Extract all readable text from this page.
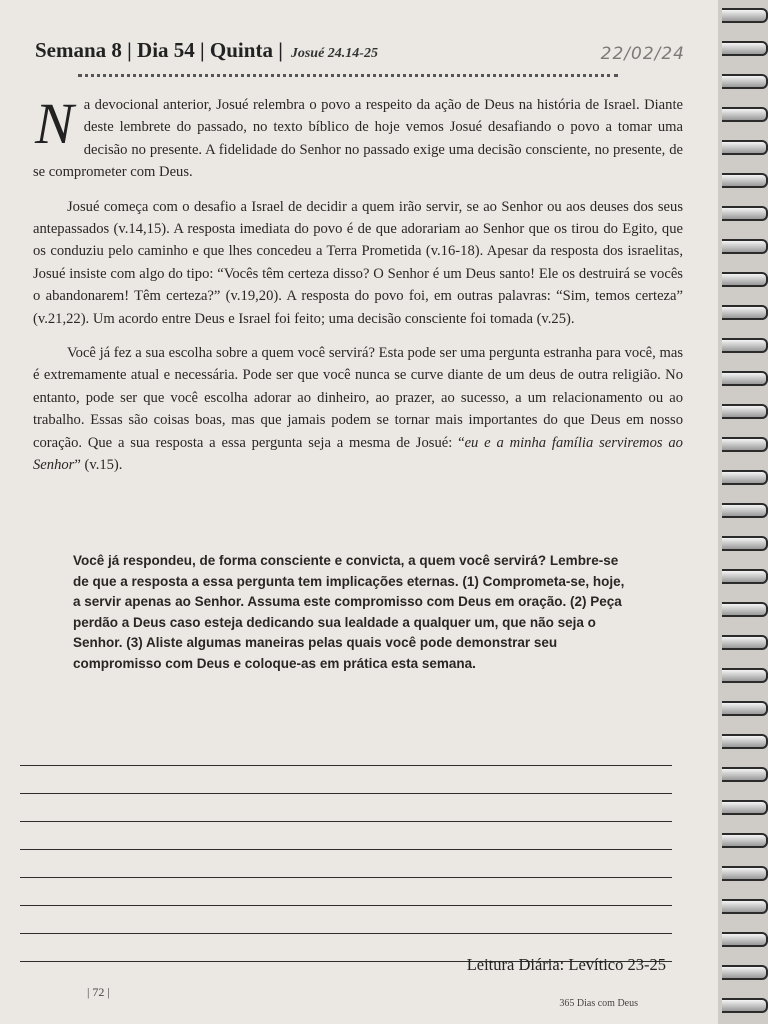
Semana 8 | Dia 54 | Quinta | Josué 24.14-25	22/02/24

N a devocional anterior, Josué relembra o povo a respeito da ação de Deus na história de Israel. Diante deste lembrete do passado, no texto bíblico de hoje vemos Josué desafiando o povo a tomar uma decisão no presente. A fidelidade do Senhor no passado exige uma decisão consciente, no presente, de se comprometer com Deus.

Josué começa com o desafio a Israel de decidir a quem irão servir, se ao Senhor ou aos deuses dos seus antepassados (v.14,15). A resposta imediata do povo é de que adorariam ao Senhor que os tirou do Egito, que os conduziu pelo caminho e que lhes concedeu a Terra Prometida (v.16-18). Apesar da resposta dos israelitas, Josué insiste com algo do tipo: “Vocês têm certeza disso? O Senhor é um Deus santo! Ele os destruirá se vocês o abandonarem! Têm certeza?” (v.19,20). A resposta do povo foi, em outras palavras: “Sim, temos certeza” (v.21,22). Um acordo entre Deus e Israel foi feito; uma decisão consciente foi tomada (v.25).

Você já fez a sua escolha sobre a quem você servirá? Esta pode ser uma pergunta estranha para você, mas é extremamente atual e necessária. Pode ser que você nunca se curve diante de um deus de outra religião. No entanto, pode ser que você escolha adorar ao dinheiro, ao prazer, ao sucesso, a um relacionamento ou ao trabalho. Essas são coisas boas, mas que jamais podem se tornar mais importantes do que Deus em nosso coração. Que a sua resposta a essa pergunta seja a mesma de Josué: “eu e a minha família serviremos ao Senhor” (v.15).

Você já respondeu, de forma consciente e convicta, a quem você servirá? Lembre-se de que a resposta a essa pergunta tem implicações eternas. (1) Comprometa-se, hoje, a servir apenas ao Senhor. Assuma este compromisso com Deus em oração. (2) Peça perdão a Deus caso esteja dedicando sua lealdade a qualquer um, que não seja o Senhor. (3) Aliste algumas maneiras pelas quais você pode demonstrar seu compromisso com Deus e coloque-as em prática esta semana.
Leitura Diária: Levítico 23-25
| 72 |
365 Dias com Deus
